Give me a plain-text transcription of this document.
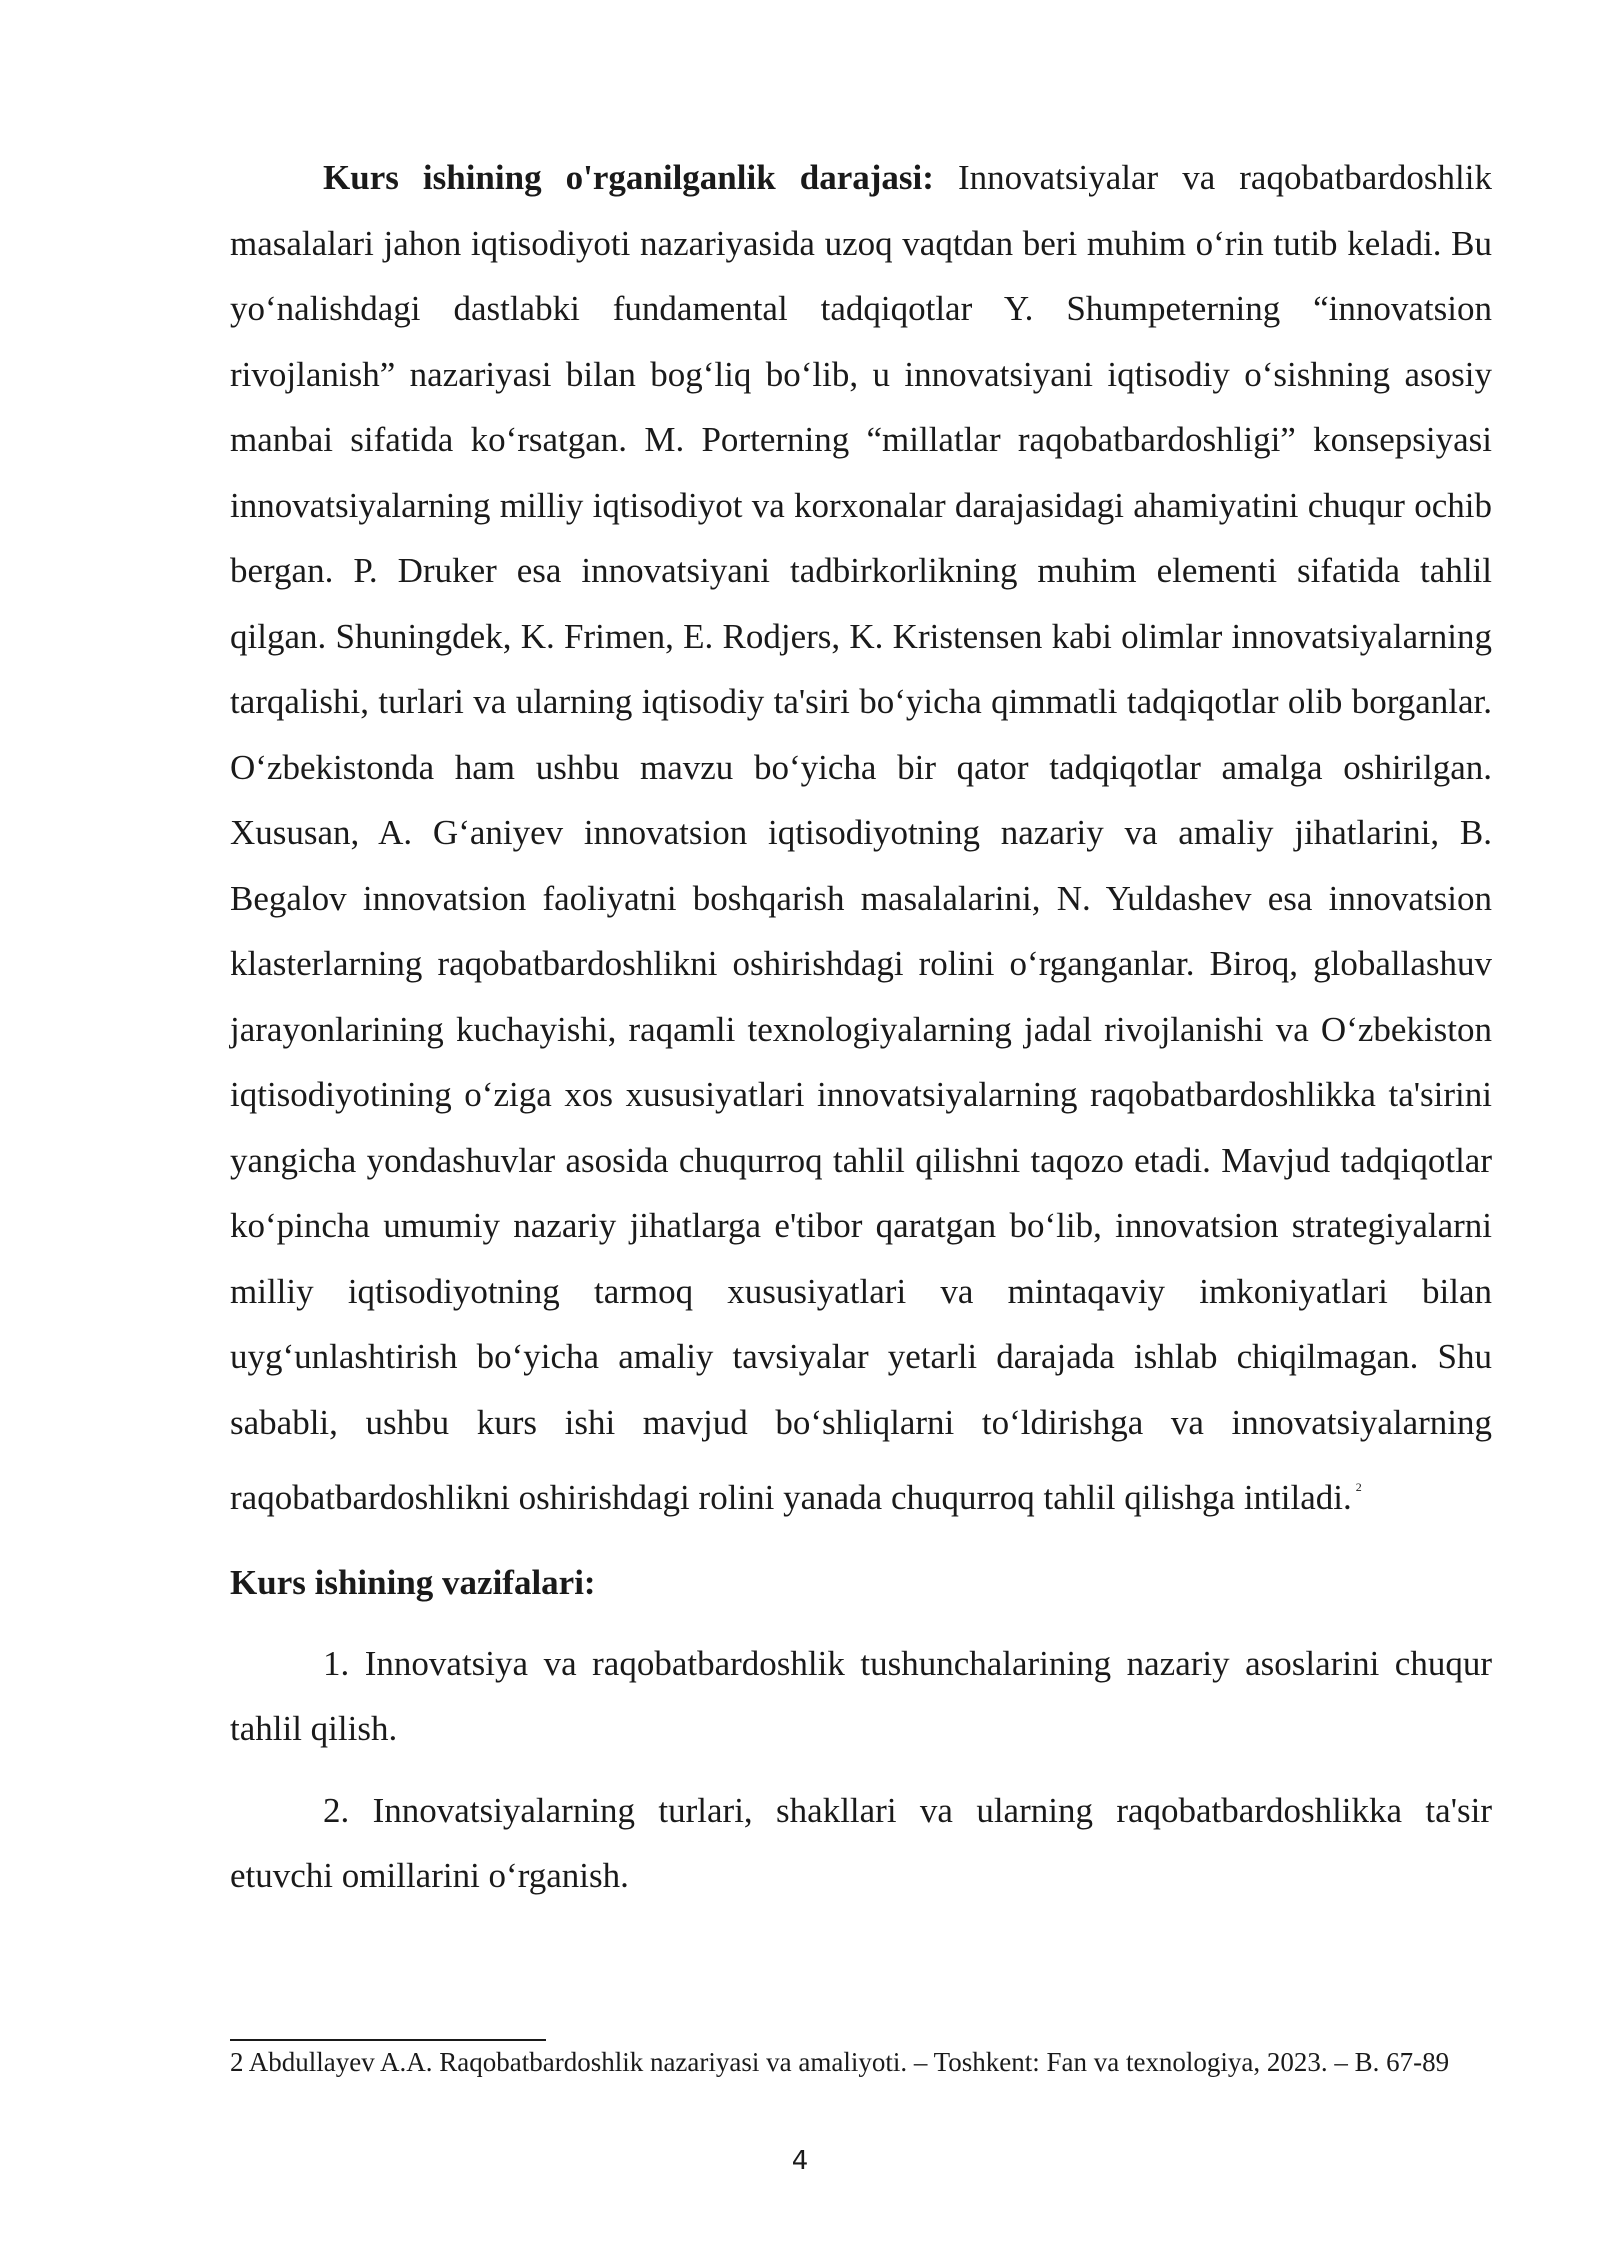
Kurs ishining o'rganilganlik darajasi: Innovatsiyalar va raqobatbardoshlik masalalari jahon iqtisodiyoti nazariyasida uzoq vaqtdan beri muhim o‘rin tutib keladi. Bu yo‘nalishdagi dastlabki fundamental tadqiqotlar Y. Shumpeterning “innovatsion rivojlanish” nazariyasi bilan bog‘liq bo‘lib, u innovatsiyani iqtisodiy o‘sishning asosiy manbai sifatida ko‘rsatgan. M. Porterning “millatlar raqobatbardoshligi” konsepsiyasi innovatsiyalarning milliy iqtisodiyot va korxonalar darajasidagi ahamiyatini chuqur ochib bergan. P. Druker esa innovatsiyani tadbirkorlikning muhim elementi sifatida tahlil qilgan. Shuningdek, K. Frimen, E. Rodjers, K. Kristensen kabi olimlar innovatsiyalarning tarqalishi, turlari va ularning iqtisodiy ta'siri bo‘yicha qimmatli tadqiqotlar olib borganlar. O‘zbekistonda ham ushbu mavzu bo‘yicha bir qator tadqiqotlar amalga oshirilgan. Xususan, A. G‘aniyev innovatsion iqtisodiyotning nazariy va amaliy jihatlarini, B. Begalov innovatsion faoliyatni boshqarish masalalarini, N. Yuldashev esa innovatsion klasterlarning raqobatbardoshlikni oshirishdagi rolini o‘rganganlar. Biroq, globallashuv jarayonlarining kuchayishi, raqamli texnologiyalarning jadal rivojlanishi va O‘zbekiston iqtisodiyotining o‘ziga xos xususiyatlari innovatsiyalarning raqobatbardoshlikka ta'sirini yangicha yondashuvlar asosida chuqurroq tahlil qilishni taqozo etadi. Mavjud tadqiqotlar ko‘pincha umumiy nazariy jihatlarga e'tibor qaratgan bo‘lib, innovatsion strategiyalarni milliy iqtisodiyotning tarmoq xususiyatlari va mintaqaviy imkoniyatlari bilan uyg‘unlashtirish bo‘yicha amaliy tavsiyalar yetarli darajada ishlab chiqilmagan. Shu sababli, ushbu kurs ishi mavjud bo‘shliqlarni to‘ldirishga va innovatsiyalarning raqobatbardoshlikni oshirishdagi rolini yanada chuqurroq tahlil qilishga intiladi. $^2$

Kurs ishining vazifalari:

1. Innovatsiya va raqobatbardoshlik tushunchalarining nazariy asoslarini chuqur tahlil qilish.

2. Innovatsiyalarning turlari, shakllari va ularning raqobatbardoshlikka ta'sir etuvchi omillarini o‘rganish.

2 Abdullayev A.A. Raqobatbardoshlik nazariyasi va amaliyoti. – Toshkent: Fan va texnologiya, 2023. – B. 67-89

4
